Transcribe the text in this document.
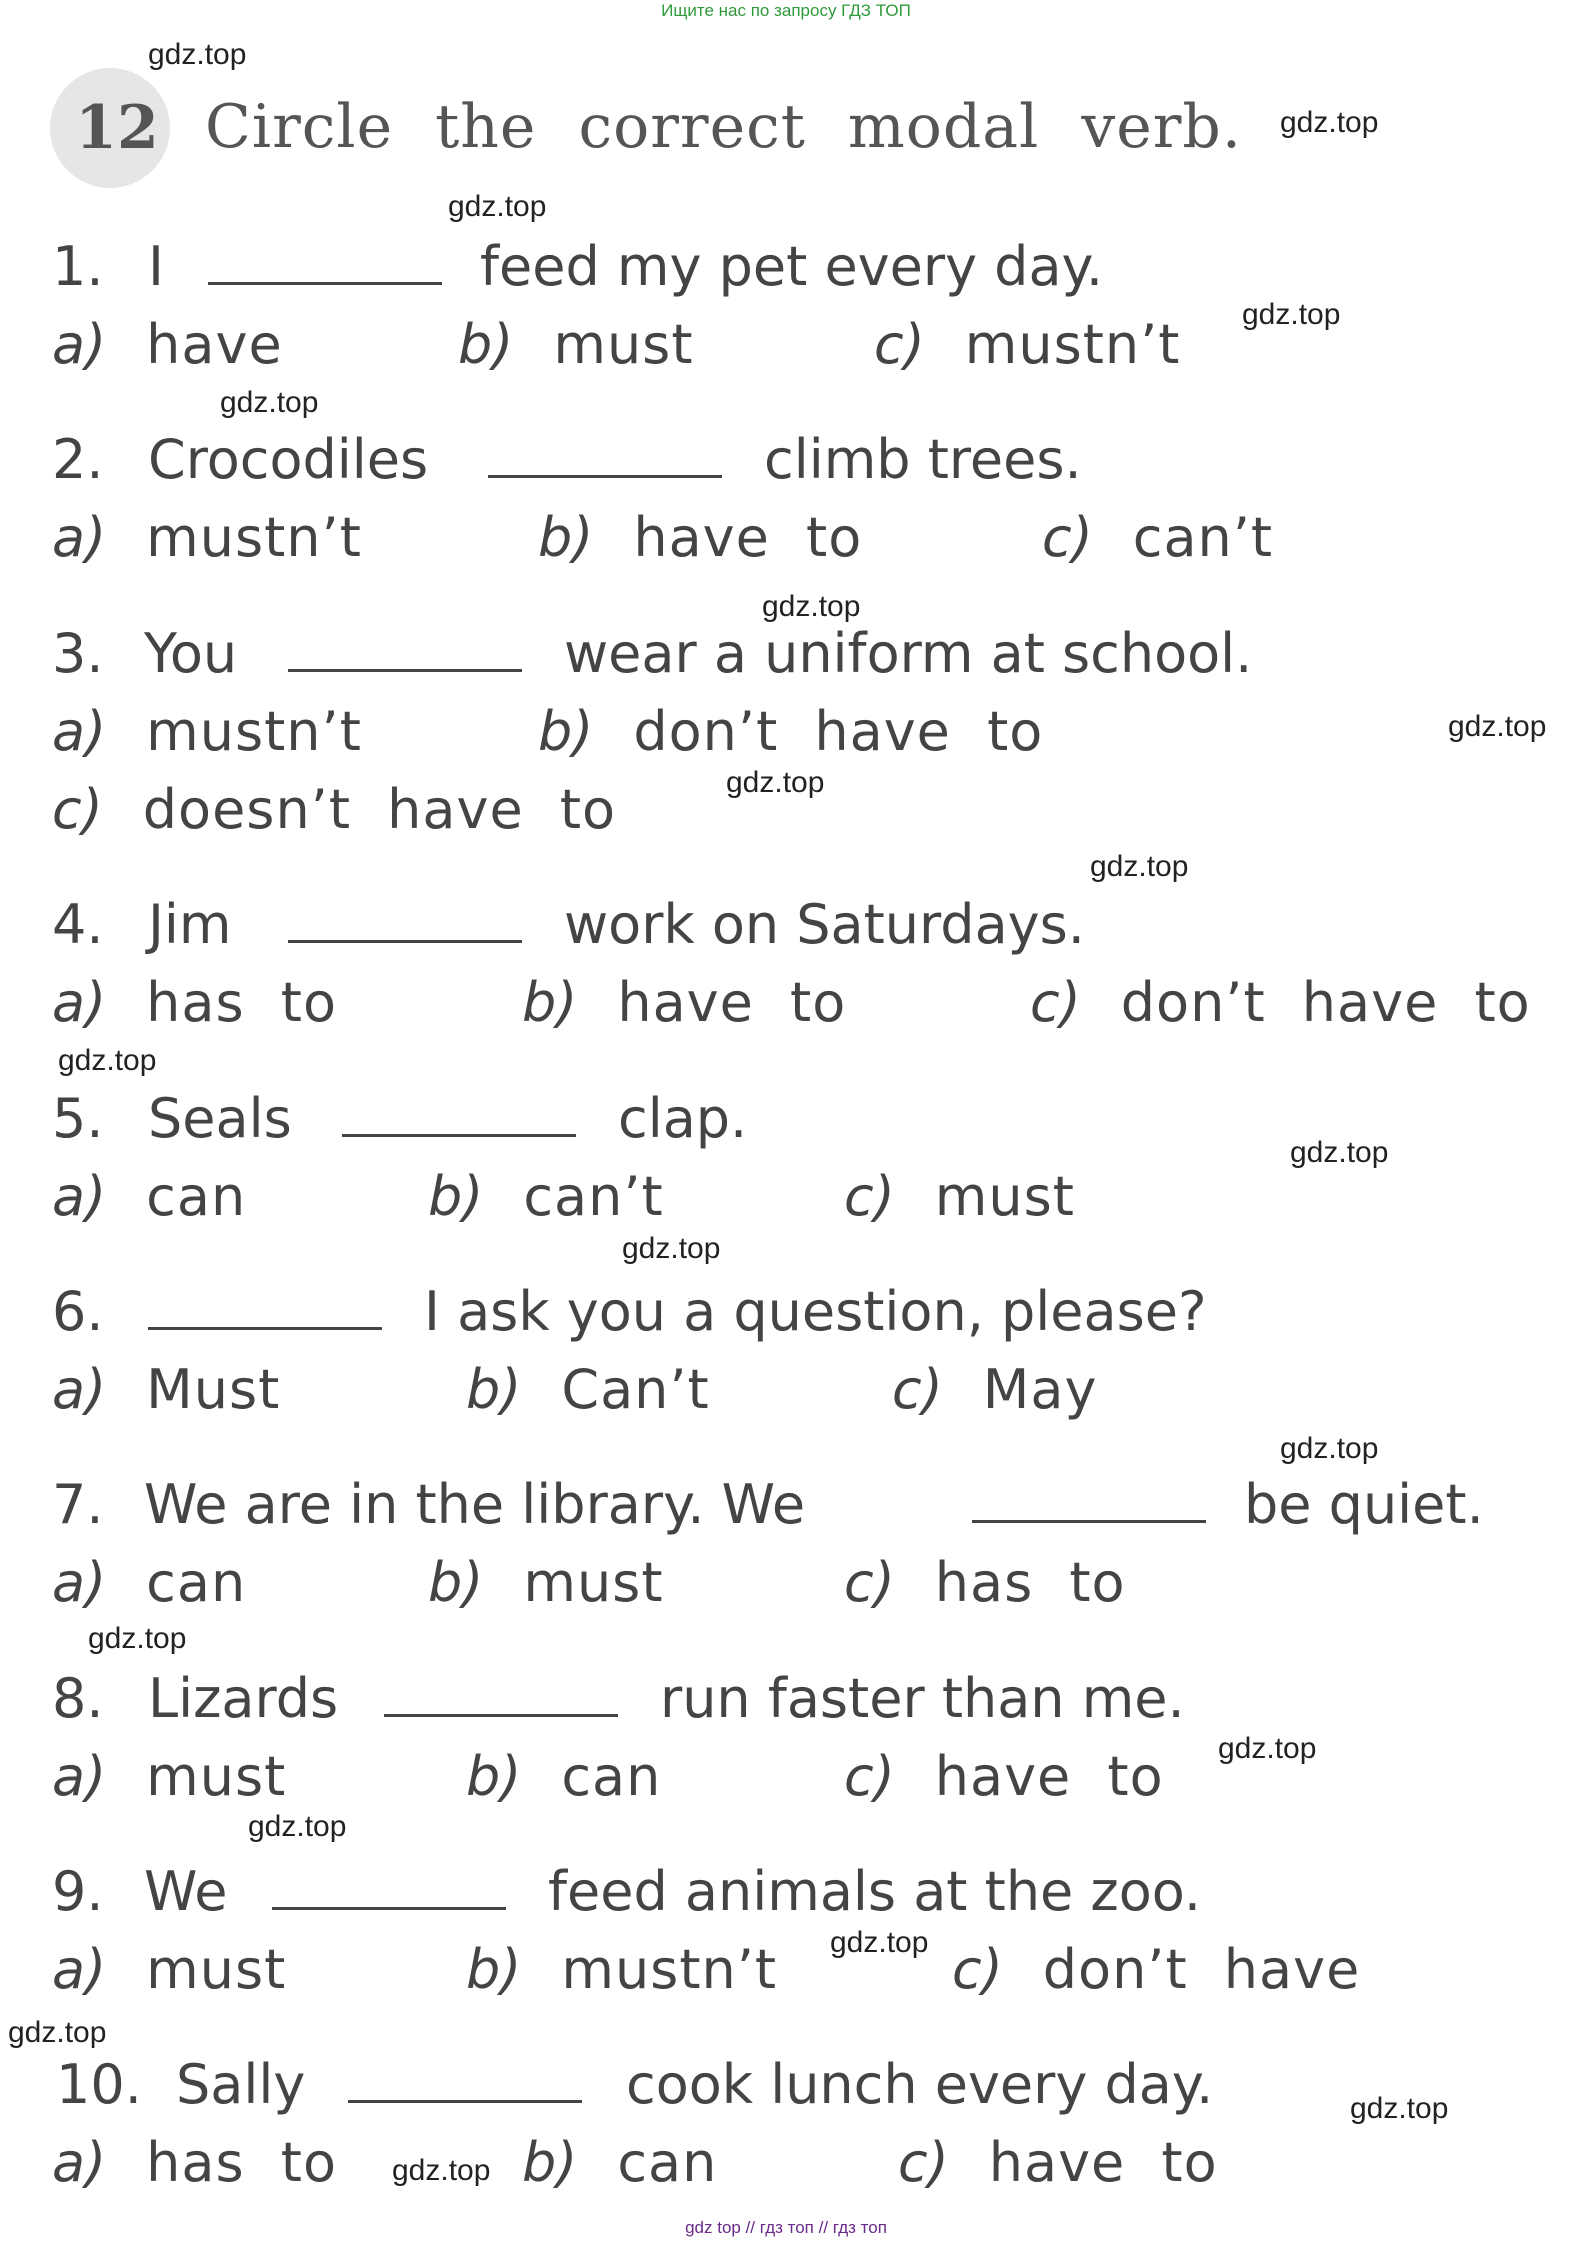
Ищите нас по запросу ГДЗ ТОП
12 Circle the correct modal verb.
1. I	feed my pet every day.
a) have	b) must	c) mustn’t
2. Crocodiles	climb trees.
a) mustn’t	b) have to	c) can’t
3. You	wear a uniform at school.
a) mustn’t	b) don’t have to
c) doesn’t have to
4. Jim	work on Saturdays.
a) has to	b) have to	c) don’t have to
5. Seals	clap.
a) can	b) can’t	c) must
6.	I ask you a question, please?
a) Must	b) Can’t	c) May
7. We are in the library. We	be quiet.
a) can	b) must	c) has to
8. Lizards	run faster than me.
a) must	b) can	c) have to
9. We	feed animals at the zoo.
a) must	b) mustn’t	c) don’t have
10. Sally	cook lunch every day.
a) has to	b) can	c) have to
gdz.top
gdz.top
gdz.top
gdz.top
gdz.top
gdz.top
gdz.top
gdz.top
gdz.top
gdz.top
gdz.top
gdz.top
gdz.top
gdz.top
gdz.top
gdz.top
gdz.top
gdz.top
gdz.top
gdz.top
gdz top // гдз топ // гдз топ
